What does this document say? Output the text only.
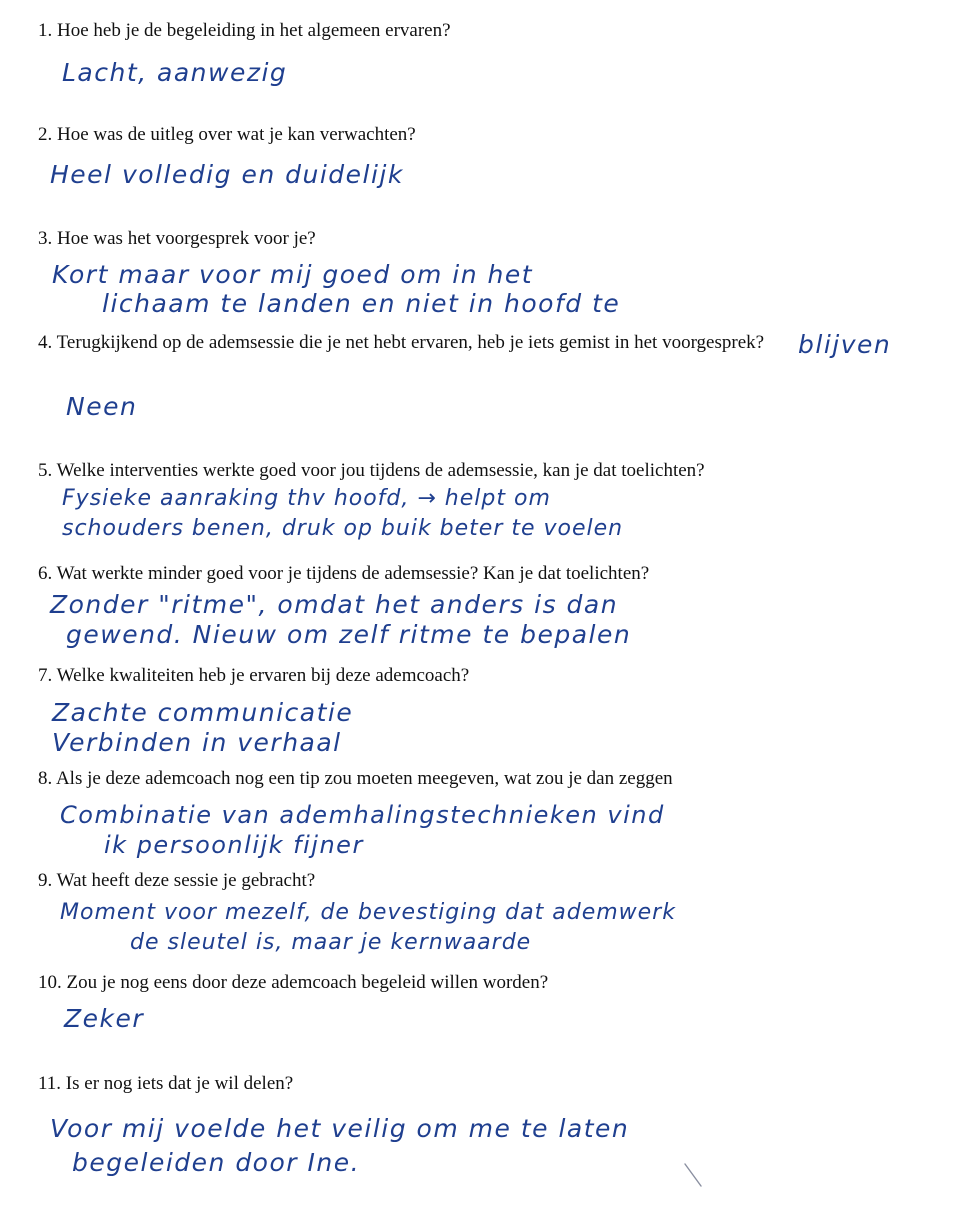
1. Hoe heb je de begeleiding in het algemeen ervaren?

Lacht, aanwezig

2. Hoe was de uitleg over wat je kan verwachten?

Heel volledig en duidelijk

3. Hoe was het voorgesprek voor je?

Kort maar voor mij goed om in het
lichaam te landen en niet in hoofd te
blijven

4. Terugkijkend op de ademsessie die je net hebt ervaren, heb je iets gemist in het voorgesprek?

Neen

5. Welke interventies werkte goed voor jou tijdens de ademsessie, kan je dat toelichten?

Fysieke aanraking thv hoofd, → helpt om
schouders benen, druk op buik beter te voelen

6. Wat werkte minder goed voor je tijdens de ademsessie? Kan je dat toelichten?

Zonder "ritme", omdat het anders is dan
gewend. Nieuw om zelf ritme te bepalen

7. Welke kwaliteiten heb je ervaren bij deze ademcoach?

Zachte communicatie
Verbinden in verhaal

8. Als je deze ademcoach nog een tip zou moeten meegeven, wat zou je dan zeggen

Combinatie van ademhalingstechnieken vind
ik persoonlijk fijner

9. Wat heeft deze sessie je gebracht?

Moment voor mezelf, de bevestiging dat ademwerk
de sleutel is, maar je kernwaarde

10. Zou je nog eens door deze ademcoach begeleid willen worden?

Zeker

11. Is er nog iets dat je wil delen?

Voor mij voelde het veilig om me te laten
begeleiden door Ine.
